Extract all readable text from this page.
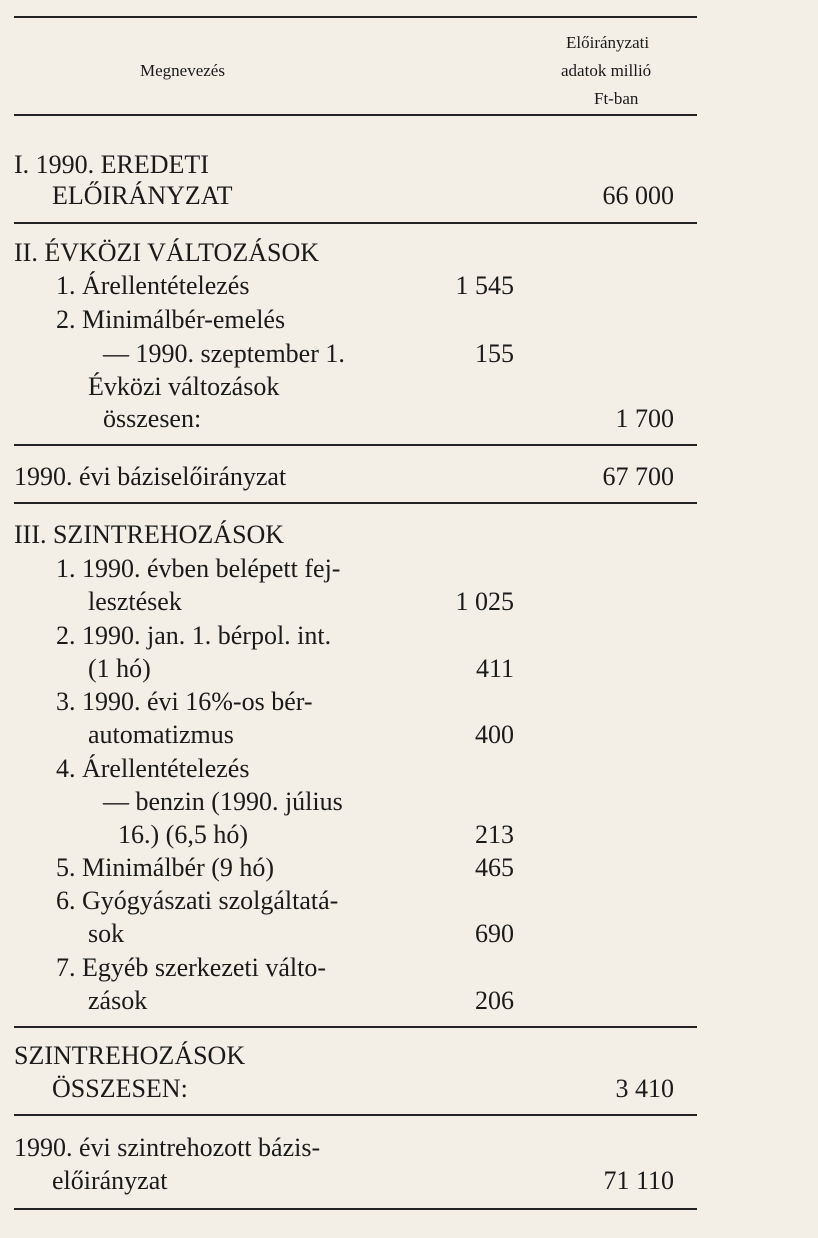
Megnevezés
Előirányzati
adatok millió
Ft-ban
I. 1990. EREDETI
ELŐIRÁNYZAT	66 000
II. ÉVKÖZI VÁLTOZÁSOK
1. Árellentételezés	1 545
2. Minimálbér-emelés
— 1990. szeptember 1.	155
Évközi változások
összesen:	1 700
1990. évi báziselőirányzat	67 700
III. SZINTREHOZÁSOK
1. 1990. évben belépett fej-
lesztések	1 025
2. 1990. jan. 1. bérpol. int.
(1 hó)	411
3. 1990. évi 16%-os bér-
automatizmus	400
4. Árellentételezés
— benzin (1990. július
16.) (6,5 hó)	213
5. Minimálbér (9 hó)	465
6. Gyógyászati szolgáltatá-
sok	690
7. Egyéb szerkezeti válto-
zások	206
SZINTREHOZÁSOK
ÖSSZESEN:	3 410
1990. évi szintrehozott bázis-
előirányzat	71 110
